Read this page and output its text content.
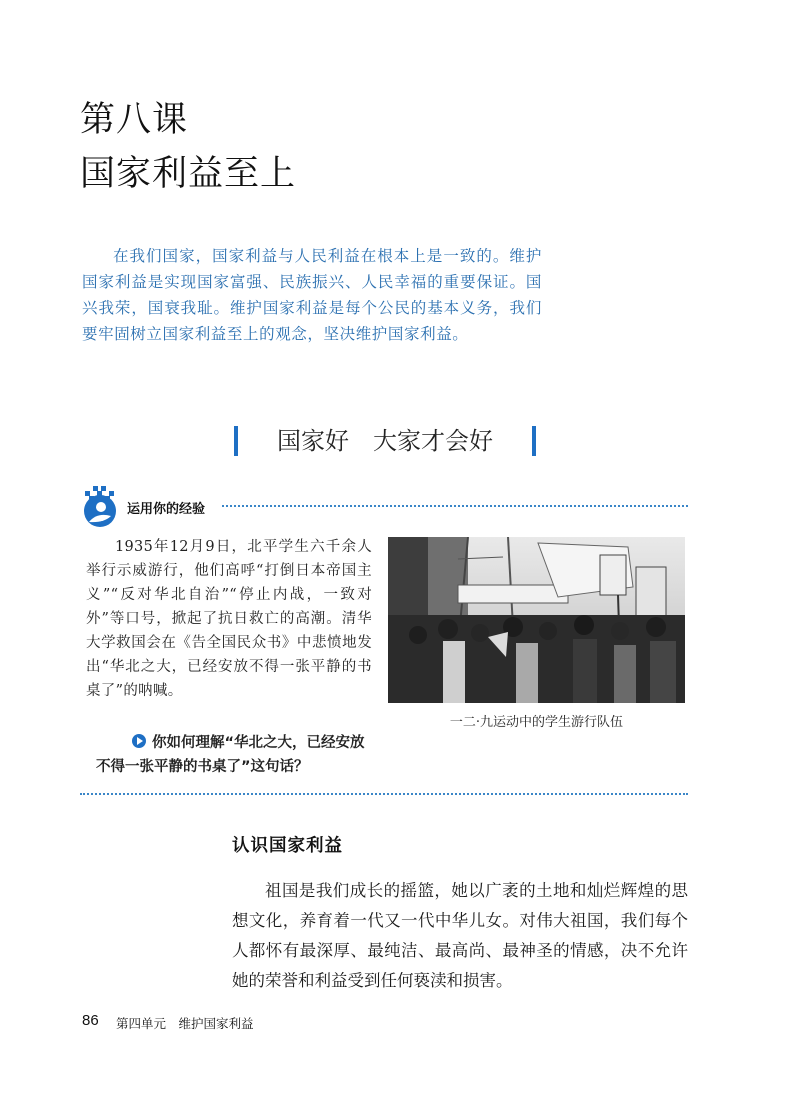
第八课
国家利益至上

在我们国家，国家利益与人民利益在根本上是一致的。维护国家利益是实现国家富强、民族振兴、人民幸福的重要保证。国兴我荣，国衰我耻。维护国家利益是每个公民的基本义务，我们要牢固树立国家利益至上的观念，坚决维护国家利益。

国家好　大家才会好
运用你的经验

1935年12月9日，北平学生六千余人举行示威游行，他们高呼“打倒日本帝国主义”“反对华北自治”“停止内战，一致对外”等口号，掀起了抗日救亡的高潮。清华大学救国会在《告全国民众书》中悲愤地发出“华北之大，已经安放不得一张平静的书桌了”的呐喊。

你如何理解“华北之大，已经安放不得一张平静的书桌了”这句话？

一二·九运动中的学生游行队伍
认识国家利益

祖国是我们成长的摇篮，她以广袤的土地和灿烂辉煌的思想文化，养育着一代又一代中华儿女。对伟大祖国，我们每个人都怀有最深厚、最纯洁、最高尚、最神圣的情感，决不允许她的荣誉和利益受到任何亵渎和损害。

86 第四单元　维护国家利益
